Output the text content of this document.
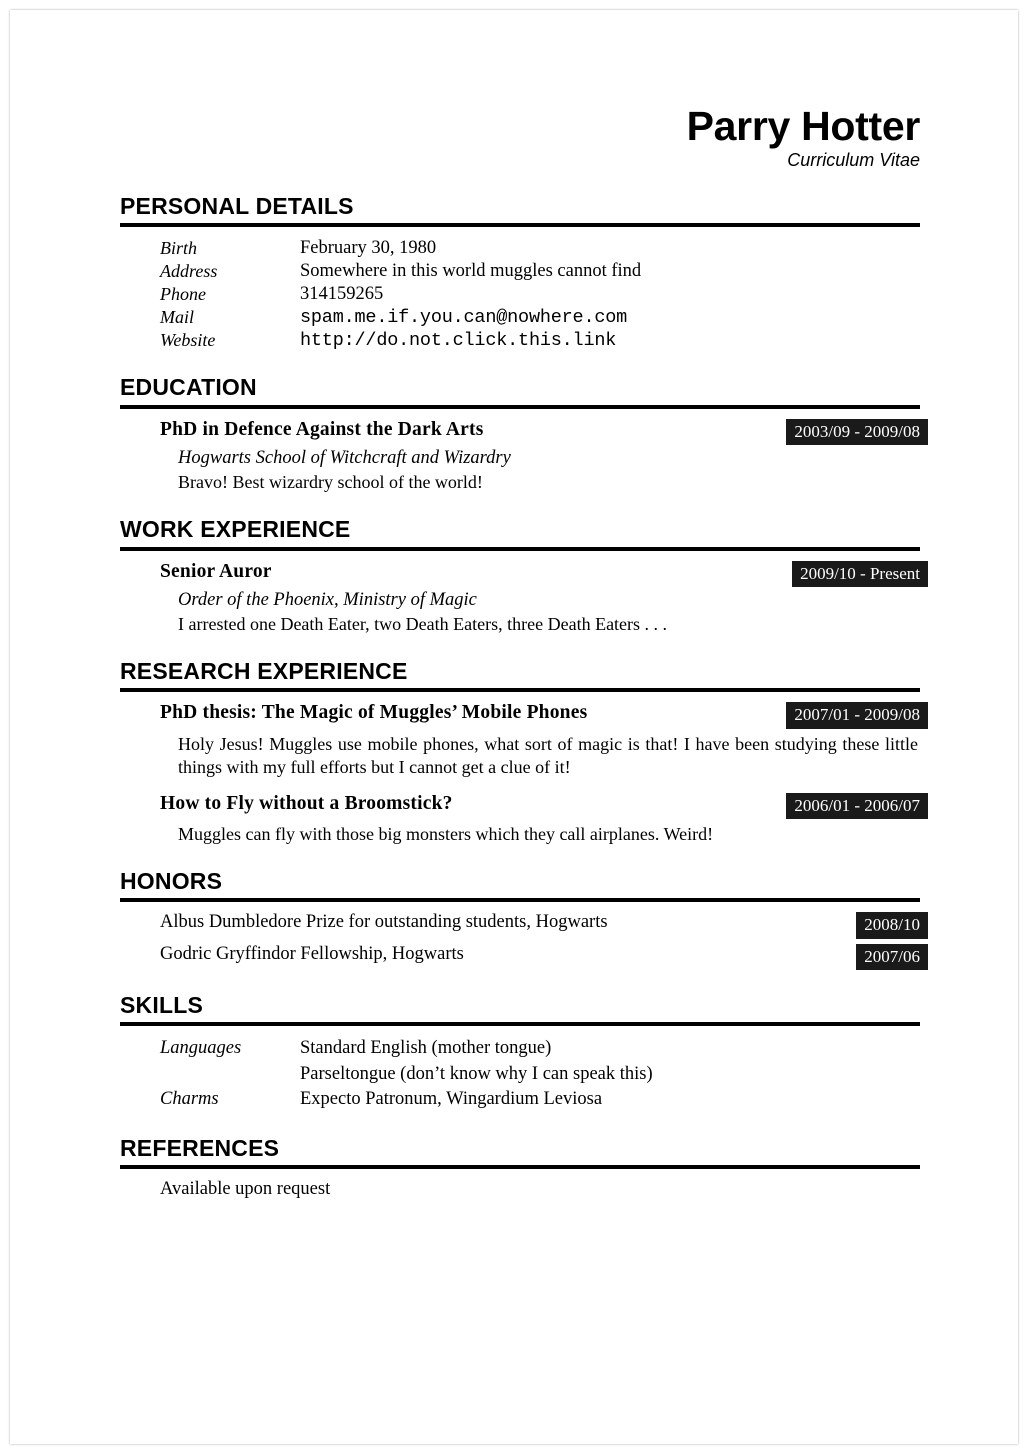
Parry Hotter
Curriculum Vitae
PERSONAL DETAILS
Birth	February 30, 1980
Address	Somewhere in this world muggles cannot find
Phone	314159265
Mail	spam.me.if.you.can@nowhere.com
Website	http://do.not.click.this.link
EDUCATION
PhD in Defence Against the Dark Arts	2003/09 - 2009/08
Hogwarts School of Witchcraft and Wizardry
Bravo! Best wizardry school of the world!
WORK EXPERIENCE
Senior Auror	2009/10 - Present
Order of the Phoenix, Ministry of Magic
I arrested one Death Eater, two Death Eaters, three Death Eaters . . .
RESEARCH EXPERIENCE
PhD thesis: The Magic of Muggles’ Mobile Phones	2007/01 - 2009/08
Holy Jesus! Muggles use mobile phones, what sort of magic is that! I have been studying these little things with my full efforts but I cannot get a clue of it!
How to Fly without a Broomstick?	2006/01 - 2006/07
Muggles can fly with those big monsters which they call airplanes. Weird!
HONORS
Albus Dumbledore Prize for outstanding students, Hogwarts	2008/10
Godric Gryffindor Fellowship, Hogwarts	2007/06
SKILLS
Languages	Standard English (mother tongue)
Parseltongue (don’t know why I can speak this)

Charms	Expecto Patronum, Wingardium Leviosa
REFERENCES
Available upon request
